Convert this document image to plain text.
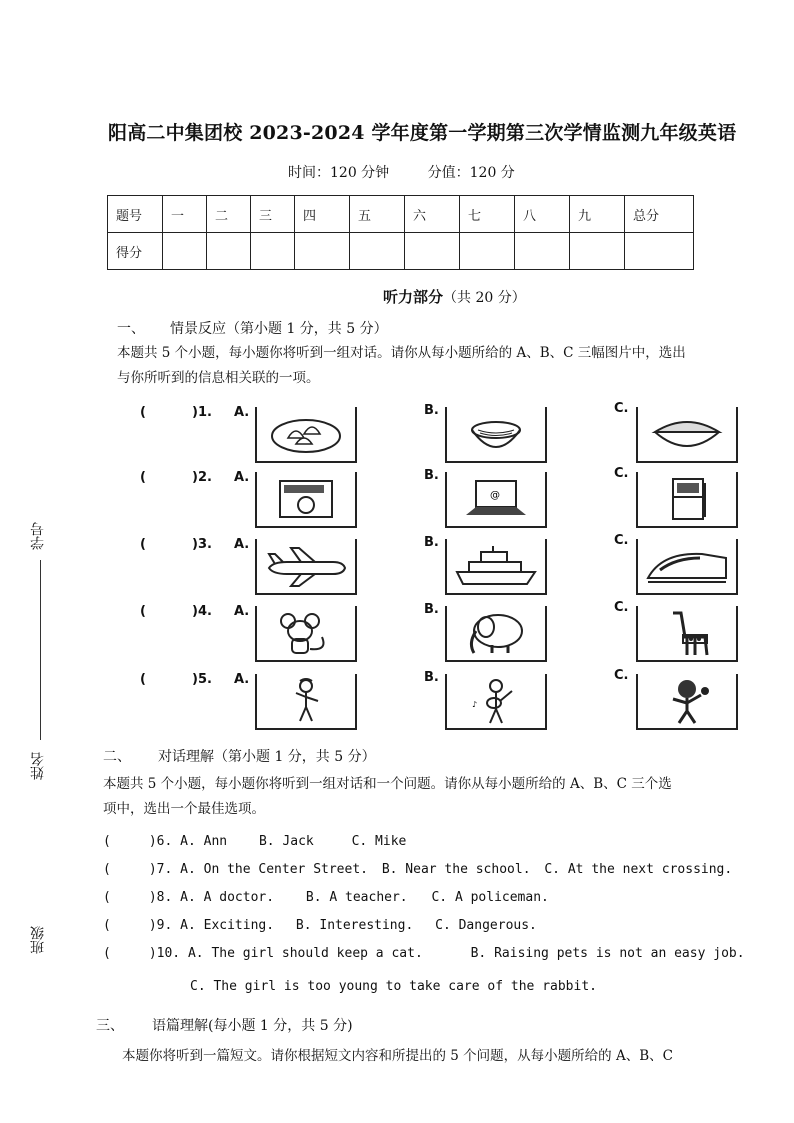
阳高二中集团校 2023-2024 学年度第一学期第三次学情监测九年级英语
时间：120 分钟	分值：120 分
题号	一	二	三	四	五	六	七	八	九	总分
得分										
听力部分（共 20 分）
学号
姓名
班级
一、 情景反应（第小题 1 分，共 5 分）
本题共 5 个小题，每小题你将听到一组对话。请你从每小题所给的 A、B、C 三幅图片中，选出
与你所听到的信息相关联的一项。
(	)1. A.	B.	C.
(	)2. A.	B.	C.
@
(	)3. A.	B.	C.
(	)4. A.	B.	C.
(	)5. A.	B.	C.
♪
二、 对话理解（第小题 1 分，共 5 分）
本题共 5 个小题，每小题你将听到一组对话和一个问题。请你从每小题所给的 A、B、C 三个选
项中，选出一个最佳选项。
(	)6. A. Ann B. Jack	C. Mike
(	)7. A. On the Center Street. B. Near the school. C. At the next crossing.
(	)8. A. A doctor. B. A teacher. C. A policeman.
(	)9. A. Exciting. B. Interesting. C. Dangerous.
(	)10. A. The girl should keep a cat.	B. Raising pets is not an easy job.
C. The girl is too young to take care of the rabbit.
三、 语篇理解(每小题 1 分，共 5 分)
本题你将听到一篇短文。请你根据短文内容和所提出的 5 个问题，从每小题所给的 A、B、C
